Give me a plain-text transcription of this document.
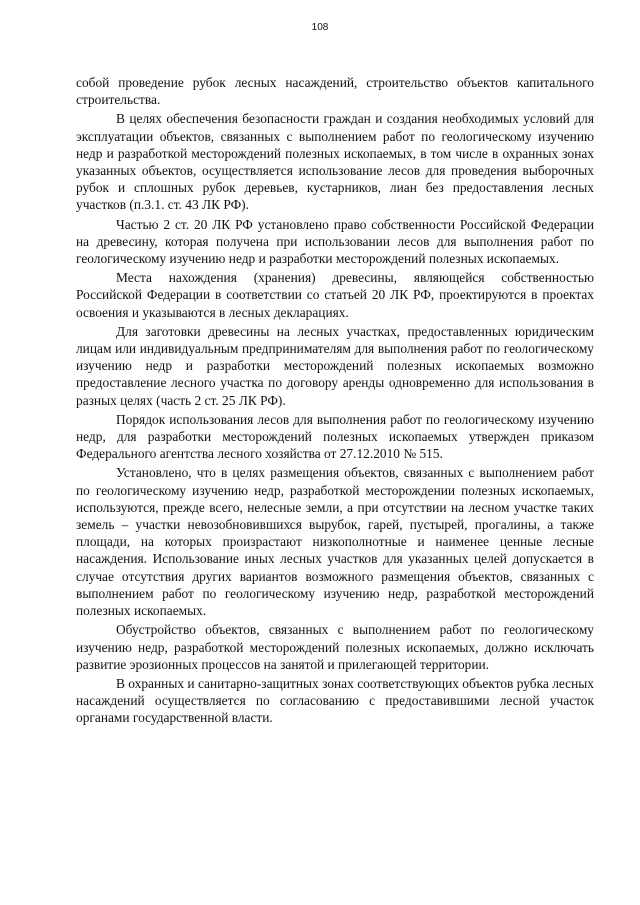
108

собой проведение рубок лесных насаждений, строительство объектов капитального строительства.

В целях обеспечения безопасности граждан и создания необходимых условий для эксплуатации объектов, связанных с выполнением работ по геологическому изучению недр и разработкой месторождений полезных ископаемых, в том числе в охранных зонах указанных объектов, осуществляется использование лесов для проведения выборочных рубок и сплошных рубок деревьев, кустарников, лиан без предоставления лесных участков (п.3.1. ст. 43 ЛК РФ).

Частью 2 ст. 20 ЛК РФ установлено право собственности Российской Федерации на древесину, которая получена при использовании лесов для выполнения работ по геологическому изучению недр и разработки месторождений полезных ископаемых.

Места нахождения (хранения) древесины, являющейся собственностью Российской Федерации в соответствии со статьей 20 ЛК РФ, проектируются в проектах освоения и указываются в лесных декларациях.

Для заготовки древесины на лесных участках, предоставленных юридическим лицам или индивидуальным предпринимателям для выполнения работ по геологическому изучению недр и разработки месторождений полезных ископаемых возможно предоставление лесного участка по договору аренды одновременно для использования в разных целях (часть 2 ст. 25 ЛК РФ).

Порядок использования лесов для выполнения работ по геологическому изучению недр, для разработки месторождений полезных ископаемых утвержден приказом Федерального агентства лесного хозяйства от 27.12.2010 № 515.

Установлено, что в целях размещения объектов, связанных с выполнением работ по геологическому изучению недр, разработкой месторождении полезных ископаемых, используются, прежде всего, нелесные земли, а при отсутствии на лесном участке таких земель – участки невозобновившихся вырубок, гарей, пустырей, прогалины, а также площади, на которых произрастают низкополнотные и наименее ценные лесные насаждения. Использование иных лесных участков для указанных целей допускается в случае отсутствия других вариантов возможного размещения объектов, связанных с выполнением работ по геологическому изучению недр, разработкой месторождений полезных ископаемых.

Обустройство объектов, связанных с выполнением работ по геологическому изучению недр, разработкой месторождений полезных ископаемых, должно исключать развитие эрозионных процессов на занятой и прилегающей территории.

В охранных и санитарно-защитных зонах соответствующих объектов рубка лесных насаждений осуществляется по согласованию с предоставившими лесной участок органами государственной власти.
